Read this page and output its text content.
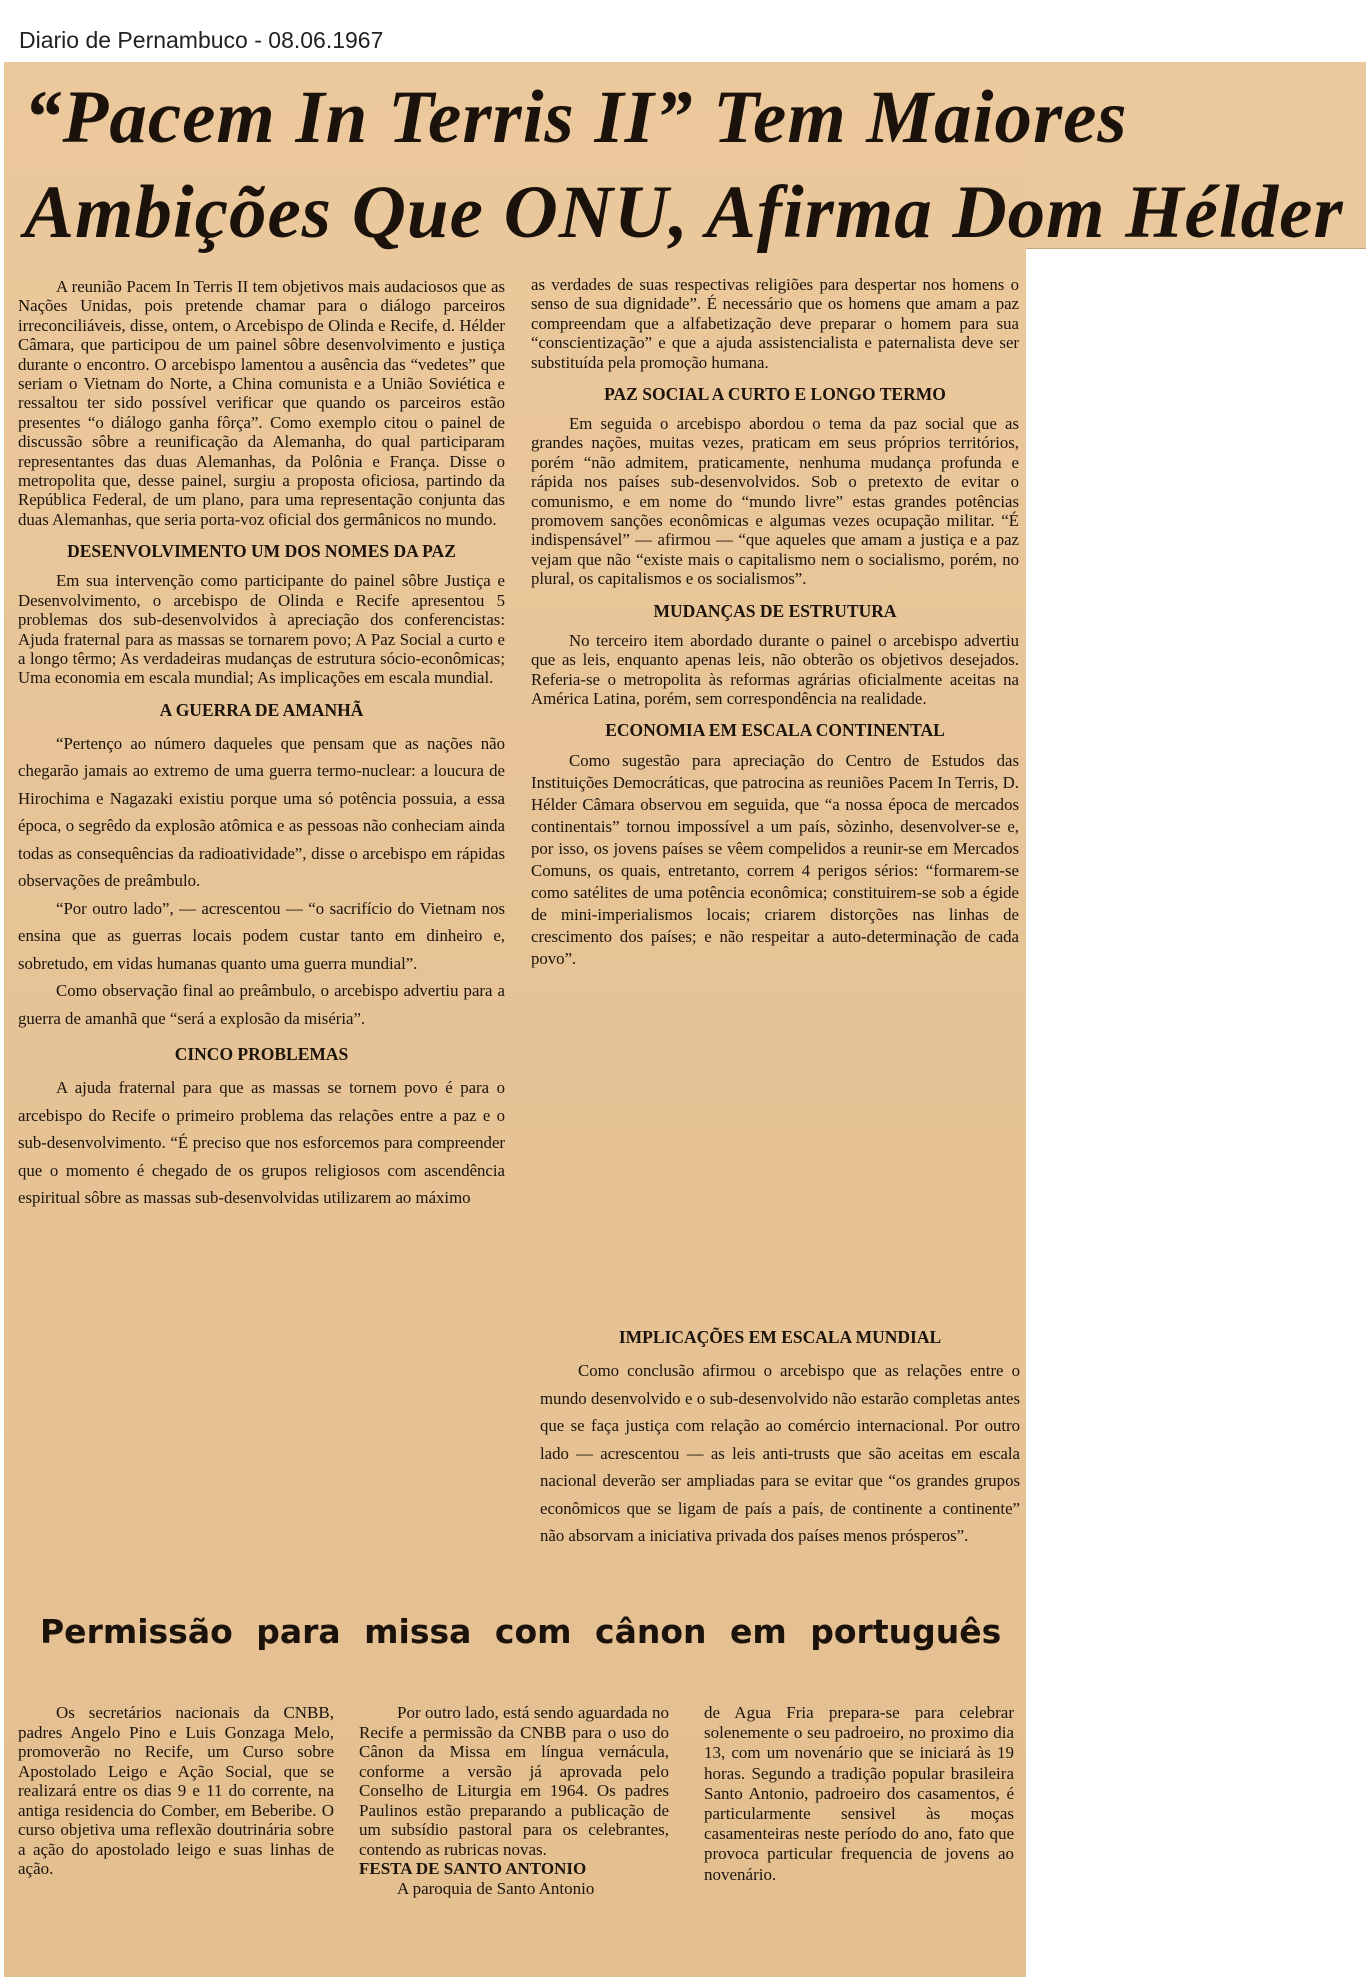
Diario de Pernambuco - 08.06.1967
“Pacem In Terris II” Tem Maiores Ambições Que ONU, Afirma Dom Hélder

A reunião Pacem In Terris II tem objetivos mais audaciosos que as Nações Unidas, pois pretende chamar para o diálogo parceiros irreconciliáveis, disse, ontem, o Arcebispo de Olinda e Recife, d. Hélder Câmara, que participou de um painel sôbre desenvolvimento e justiça durante o encontro. O arcebispo lamentou a ausência das “vedetes” que seriam o Vietnam do Norte, a China comunista e a União Soviética e ressaltou ter sido possível verificar que quando os parceiros estão presentes “o diálogo ganha fôrça”. Como exemplo citou o painel de discussão sôbre a reunificação da Alemanha, do qual participaram representantes das duas Alemanhas, da Polônia e França. Disse o metropolita que, desse painel, surgiu a proposta oficiosa, partindo da República Federal, de um plano, para uma representação conjunta das duas Alemanhas, que seria porta-voz oficial dos germânicos no mundo.

DESENVOLVIMENTO UM DOS NOMES DA PAZ

Em sua intervenção como participante do painel sôbre Justiça e Desenvolvimento, o arcebispo de Olinda e Recife apresentou 5 problemas dos sub-desenvolvidos à apreciação dos conferencistas: Ajuda fraternal para as massas se tornarem povo; A Paz Social a curto e a longo têrmo; As verdadeiras mudanças de estrutura sócio-econômicas; Uma economia em escala mundial; As implicações em escala mundial.

A GUERRA DE AMANHÃ

“Pertenço ao número daqueles que pensam que as nações não chegarão jamais ao extremo de uma guerra termo-nuclear: a loucura de Hirochima e Nagazaki existiu porque uma só potência possuia, a essa época, o segrêdo da explosão atômica e as pessoas não conheciam ainda todas as consequências da radioatividade”, disse o arcebispo em rápidas observações de preâmbulo.

“Por outro lado”, — acrescentou — “o sacrifício do Vietnam nos ensina que as guerras locais podem custar tanto em dinheiro e, sobretudo, em vidas humanas quanto uma guerra mundial”.

Como observação final ao preâmbulo, o arcebispo advertiu para a guerra de amanhã que “será a explosão da miséria”.

CINCO PROBLEMAS

A ajuda fraternal para que as massas se tornem povo é para o arcebispo do Recife o primeiro problema das relações entre a paz e o sub-desenvolvimento. “É preciso que nos esforcemos para compreender que o momento é chegado de os grupos religiosos com ascendência espiritual sôbre as massas sub-desenvolvidas utilizarem ao máximo

as verdades de suas respectivas religiões para despertar nos homens o senso de sua dignidade”. É necessário que os homens que amam a paz compreendam que a alfabetização deve preparar o homem para sua “conscientização” e que a ajuda assistencialista e paternalista deve ser substituída pela promoção humana.

PAZ SOCIAL A CURTO E LONGO TERMO

Em seguida o arcebispo abordou o tema da paz social que as grandes nações, muitas vezes, praticam em seus próprios territórios, porém “não admitem, praticamente, nenhuma mudança profunda e rápida nos países sub-desenvolvidos. Sob o pretexto de evitar o comunismo, e em nome do “mundo livre” estas grandes potências promovem sanções econômicas e algumas vezes ocupação militar. “É indispensável” — afirmou — “que aqueles que amam a justiça e a paz vejam que não “existe mais o capitalismo nem o socialismo, porém, no plural, os capitalismos e os socialismos”.

MUDANÇAS DE ESTRUTURA

No terceiro item abordado durante o painel o arcebispo advertiu que as leis, enquanto apenas leis, não obterão os objetivos desejados. Referia-se o metropolita às reformas agrárias oficialmente aceitas na América Latina, porém, sem correspondência na realidade.

ECONOMIA EM ESCALA CONTINENTAL

Como sugestão para apreciação do Centro de Estudos das Instituições Democráticas, que patrocina as reuniões Pacem In Terris, D. Hélder Câmara observou em seguida, que “a nossa época de mercados continentais” tornou impossível a um país, sòzinho, desenvolver-se e, por isso, os jovens países se vêem compelidos a reunir-se em Mercados Comuns, os quais, entretanto, correm 4 perigos sérios: “formarem-se como satélites de uma potência econômica; constituirem-se sob a égide de mini-imperialismos locais; criarem distorções nas linhas de crescimento dos países; e não respeitar a auto-determinação de cada povo”.

IMPLICAÇÕES EM ESCALA MUNDIAL

Como conclusão afirmou o arcebispo que as relações entre o mundo desenvolvido e o sub-desenvolvido não estarão completas antes que se faça justiça com relação ao comércio internacional. Por outro lado — acrescentou — as leis anti-trusts que são aceitas em escala nacional deverão ser ampliadas para se evitar que “os grandes grupos econômicos que se ligam de país a país, de continente a continente” não absorvam a iniciativa privada dos países menos prósperos”.

Permissão para missa com cânon em português

Os secretários nacionais da CNBB, padres Angelo Pino e Luis Gonzaga Melo, promoverão no Recife, um Curso sobre Apostolado Leigo e Ação Social, que se realizará entre os dias 9 e 11 do corrente, na antiga residencia do Comber, em Beberibe. O curso objetiva uma reflexão doutrinária sobre a ação do apostolado leigo e suas linhas de ação.

Por outro lado, está sendo aguardada no Recife a permissão da CNBB para o uso do Cânon da Missa em língua vernácula, conforme a versão já aprovada pelo Conselho de Liturgia em 1964. Os padres Paulinos estão preparando a publicação de um subsídio pastoral para os celebrantes, contendo as rubricas novas.

FESTA DE SANTO ANTONIO

A paroquia de Santo Antonio

de Agua Fria prepara-se para celebrar solenemente o seu padroeiro, no proximo dia 13, com um novenário que se iniciará às 19 horas. Segundo a tradição popular brasileira Santo Antonio, padroeiro dos casamentos, é particularmente sensivel às moças casamenteiras neste período do ano, fato que provoca particular frequencia de jovens ao novenário.
